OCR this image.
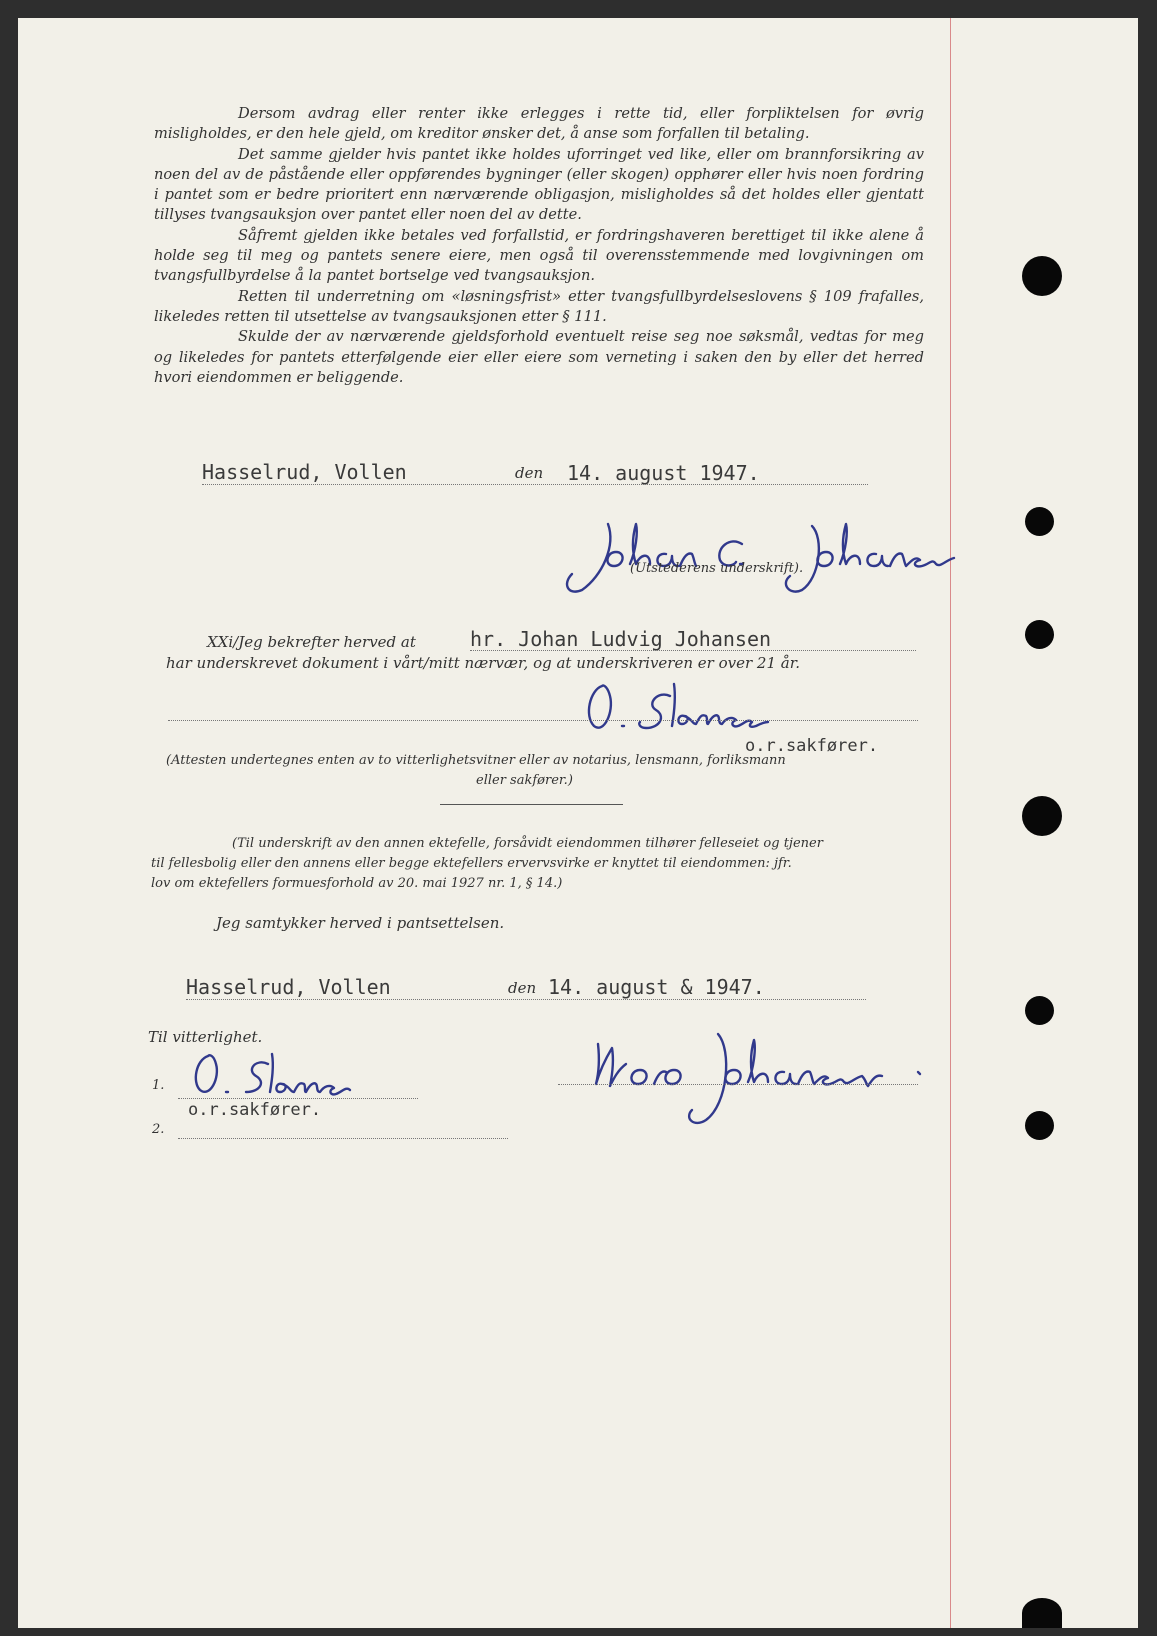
Dersom avdrag eller renter ikke erlegges i rette tid, eller forpliktelsen for øvrig misligholdes, er den hele gjeld, om kreditor ønsker det, å anse som forfallen til betaling.

Det samme gjelder hvis pantet ikke holdes uforringet ved like, eller om brannforsikring av noen del av de påstående eller oppførendes bygninger (eller skogen) opphører eller hvis noen fordring i pantet som er bedre prioritert enn nærværende obligasjon, misligholdes så det holdes eller gjentatt tillyses tvangsauksjon over pantet eller noen del av dette.

Såfremt gjelden ikke betales ved forfallstid, er fordringshaveren berettiget til ikke alene å holde seg til meg og pantets senere eiere, men også til overensstemmende med lovgivningen om tvangsfullbyrdelse å la pantet bortselge ved tvangsauksjon.

Retten til underretning om «løsningsfrist» etter tvangsfullbyrdelseslovens § 109 frafalles, likeledes retten til utsettelse av tvangsauksjonen etter § 111.

Skulde der av nærværende gjeldsforhold eventuelt reise seg noe søksmål, vedtas for meg og likeledes for pantets etterfølgende eier eller eiere som verneting i saken den by eller det herred hvori eiendommen er beliggende.

Hasselrud, Vollen	den 14. august 1947.
(Utstederens underskrift).
XXi/Jeg bekrefter herved at	hr. Johan Ludvig Johansen
har underskrevet dokument i vårt/mitt nærvær, og at underskriveren er over 21 år.
o.r.sakfører.
(Attesten undertegnes enten av to vitterlighetsvitner eller av notarius, lensmann, forliksmann
eller sakfører.)
(Til underskrift av den annen ektefelle, forsåvidt eiendommen tilhører felleseiet og tjener
til fellesbolig eller den annens eller begge ektefellers ervervsvirke er knyttet til eiendommen: jfr.
lov om ektefellers formuesforhold av 20. mai 1927 nr. 1, § 14.)
Jeg samtykker herved i pantsettelsen.
Hasselrud, Vollen	den 14. august & 1947.
Til vitterlighet.
1.
o.r.sakfører.
2.
